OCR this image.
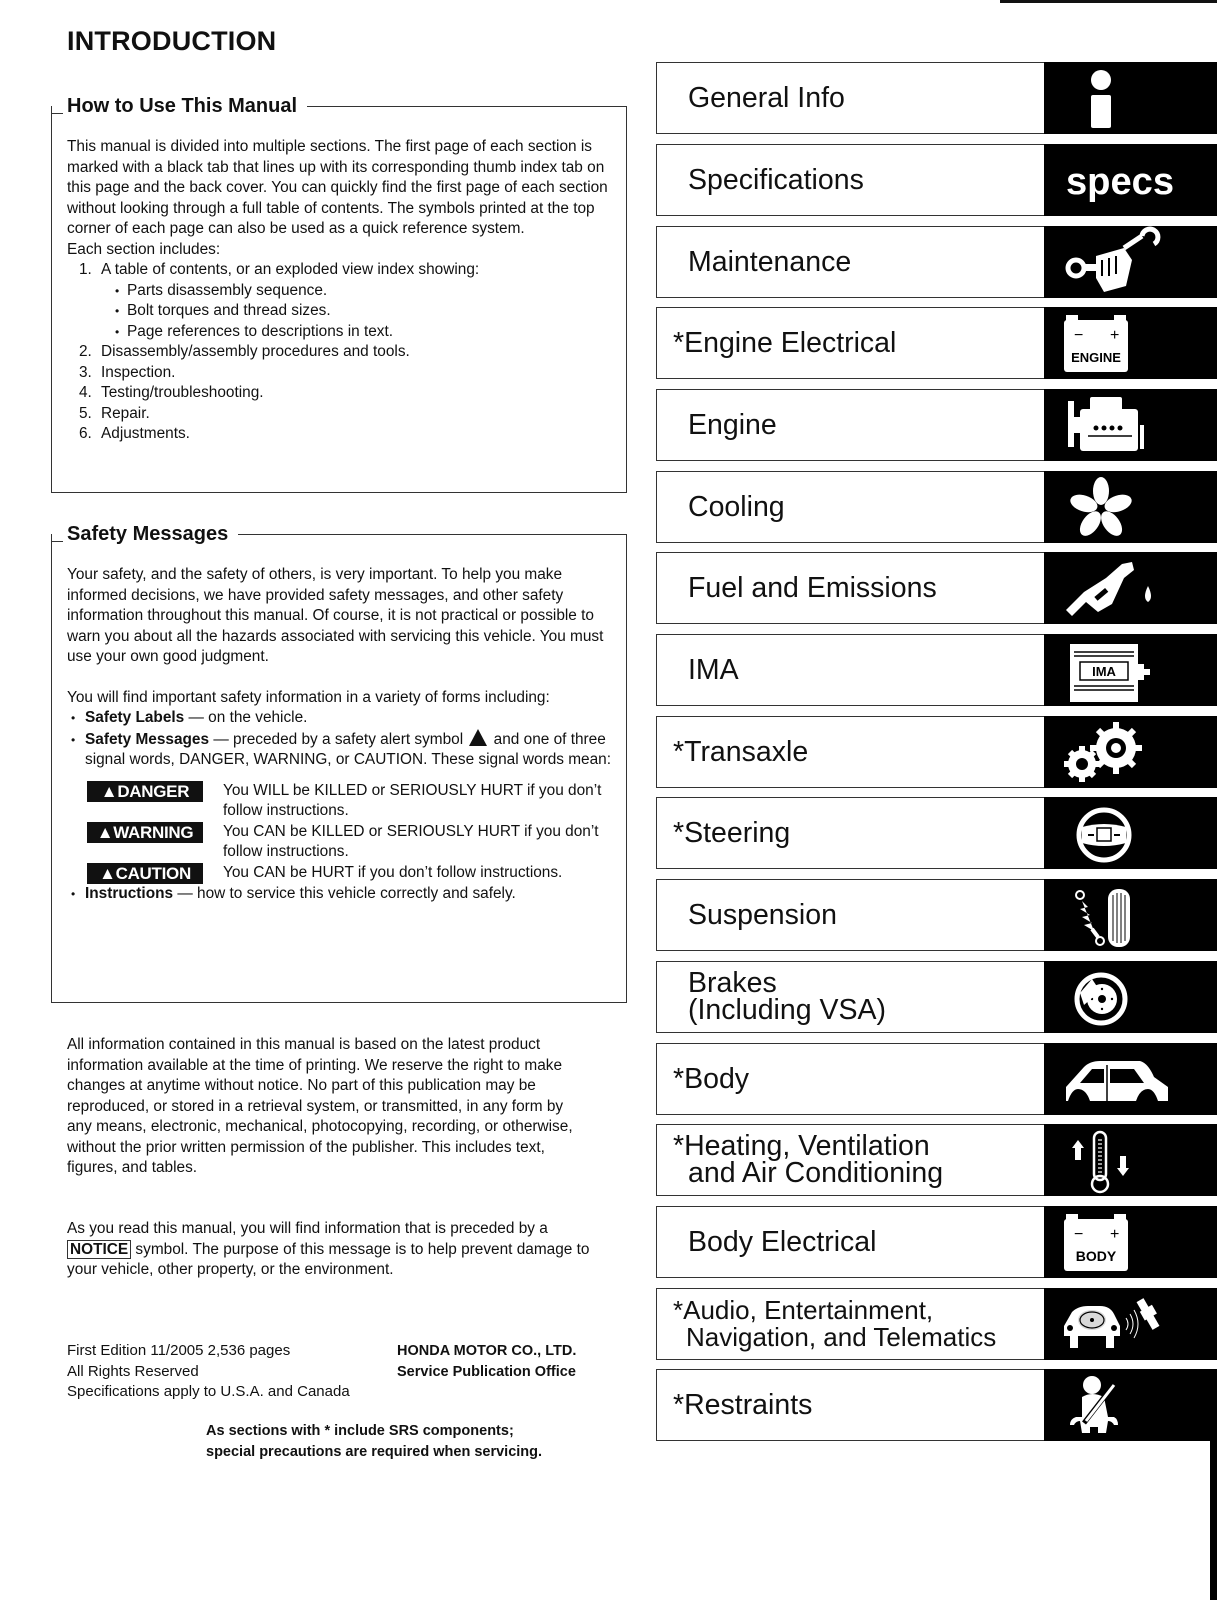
INTRODUCTION
How to Use This Manual

This manual is divided into multiple sections. The first page of each section is marked with a black tab that lines up with its corresponding thumb index tab on this page and the back cover. You can quickly find the first page of each section without looking through a full table of contents. The symbols printed at the top corner of each page can also be used as a quick reference system.

Each section includes:

1. A table of contents, or an exploded view index showing:
• Parts disassembly sequence.
• Bolt torques and thread sizes.
• Page references to descriptions in text.
2. Disassembly/assembly procedures and tools.
3. Inspection.
4. Testing/troubleshooting.
5. Repair.
6. Adjustments.
Safety Messages

Your safety, and the safety of others, is very important. To help you make informed decisions, we have provided safety messages, and other safety information throughout this manual. Of course, it is not practical or possible to warn you about all the hazards associated with servicing this vehicle. You must use your own good judgment.

You will find important safety information in a variety of forms including:

• Safety Labels — on the vehicle.
• Safety Messages — preceded by a safety alert symbol ! and one of three signal words, DANGER, WARNING, or CAUTION. These signal words mean:
▲DANGER	You WILL be KILLED or SERIOUSLY HURT if you don’t follow instructions.
▲WARNING	You CAN be KILLED or SERIOUSLY HURT if you don’t follow instructions.
▲CAUTION	You CAN be HURT if you don’t follow instructions.
• Instructions — how to service this vehicle correctly and safely.

All information contained in this manual is based on the latest product information available at the time of printing. We reserve the right to make changes at anytime without notice. No part of this publication may be reproduced, or stored in a retrieval system, or transmitted, in any form by any means, electronic, mechanical, photocopying, recording, or otherwise, without the prior written permission of the publisher. This includes text, figures, and tables.

As you read this manual, you will find information that is preceded by a NOTICE symbol. The purpose of this message is to help prevent damage to your vehicle, other property, or the environment.

First Edition 11/2005 2,536 pages
All Rights Reserved
Specifications apply to U.S.A. and Canada
HONDA MOTOR CO., LTD.
Service Publication Office
As sections with * include SRS components;
special precautions are required when servicing.
General Info
Specifications	specs
Maintenance
*Engine Electrical	− +
ENGINE
Engine
Cooling
Fuel and Emissions
IMA	IMA
*Transaxle
*Steering
Suspension
Brakes
(Including VSA)
*Body
*Heating, Ventilation
and Air Conditioning
Body Electrical	− +
BODY
*Audio, Entertainment,
Navigation, and Telematics
*Restraints
